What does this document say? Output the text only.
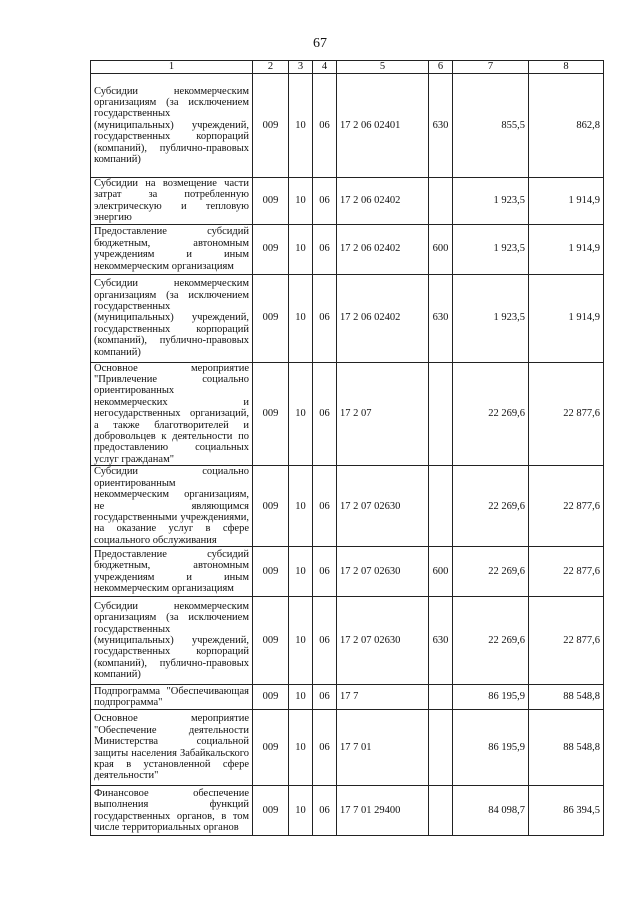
67
1	2	3	4	5	6	7	8
Субсидии некоммерческим организациям (за исключением государственных (муниципальных) учреждений, государственных корпораций (компаний), публично-правовых компаний)	009	10	06	17 2 06 02401	630	855,5	862,8
Субсидии на возмещение части затрат за потребленную электрическую и тепловую энергию	009	10	06	17 2 06 02402		1 923,5	1 914,9
Предоставление субсидий бюджетным, автономным учреждениям и иным некоммерческим организациям	009	10	06	17 2 06 02402	600	1 923,5	1 914,9
Субсидии некоммерческим организациям (за исключением государственных (муниципальных) учреждений, государственных корпораций (компаний), публично-правовых компаний)	009	10	06	17 2 06 02402	630	1 923,5	1 914,9
Основное мероприятие "Привлечение социально ориентированных некоммерческих и негосударственных организаций, а также благотворителей и добровольцев к деятельности по предоставлению социальных услуг гражданам"	009	10	06	17 2 07		22 269,6	22 877,6
Субсидии социально ориентированным некоммерческим организациям, не являющимся государственными учреждениями, на оказание услуг в сфере социального обслуживания	009	10	06	17 2 07 02630		22 269,6	22 877,6
Предоставление субсидий бюджетным, автономным учреждениям и иным некоммерческим организациям	009	10	06	17 2 07 02630	600	22 269,6	22 877,6
Субсидии некоммерческим организациям (за исключением государственных (муниципальных) учреждений, государственных корпораций (компаний), публично-правовых компаний)	009	10	06	17 2 07 02630	630	22 269,6	22 877,6
Подпрограмма "Обеспечивающая подпрограмма"	009	10	06	17 7		86 195,9	88 548,8
Основное мероприятие "Обеспечение деятельности Министерства социальной защиты населения Забайкальского края в установленной сфере деятельности"	009	10	06	17 7 01		86 195,9	88 548,8
Финансовое обеспечение выполнения функций государственных органов, в том числе территориальных органов	009	10	06	17 7 01 29400		84 098,7	86 394,5
